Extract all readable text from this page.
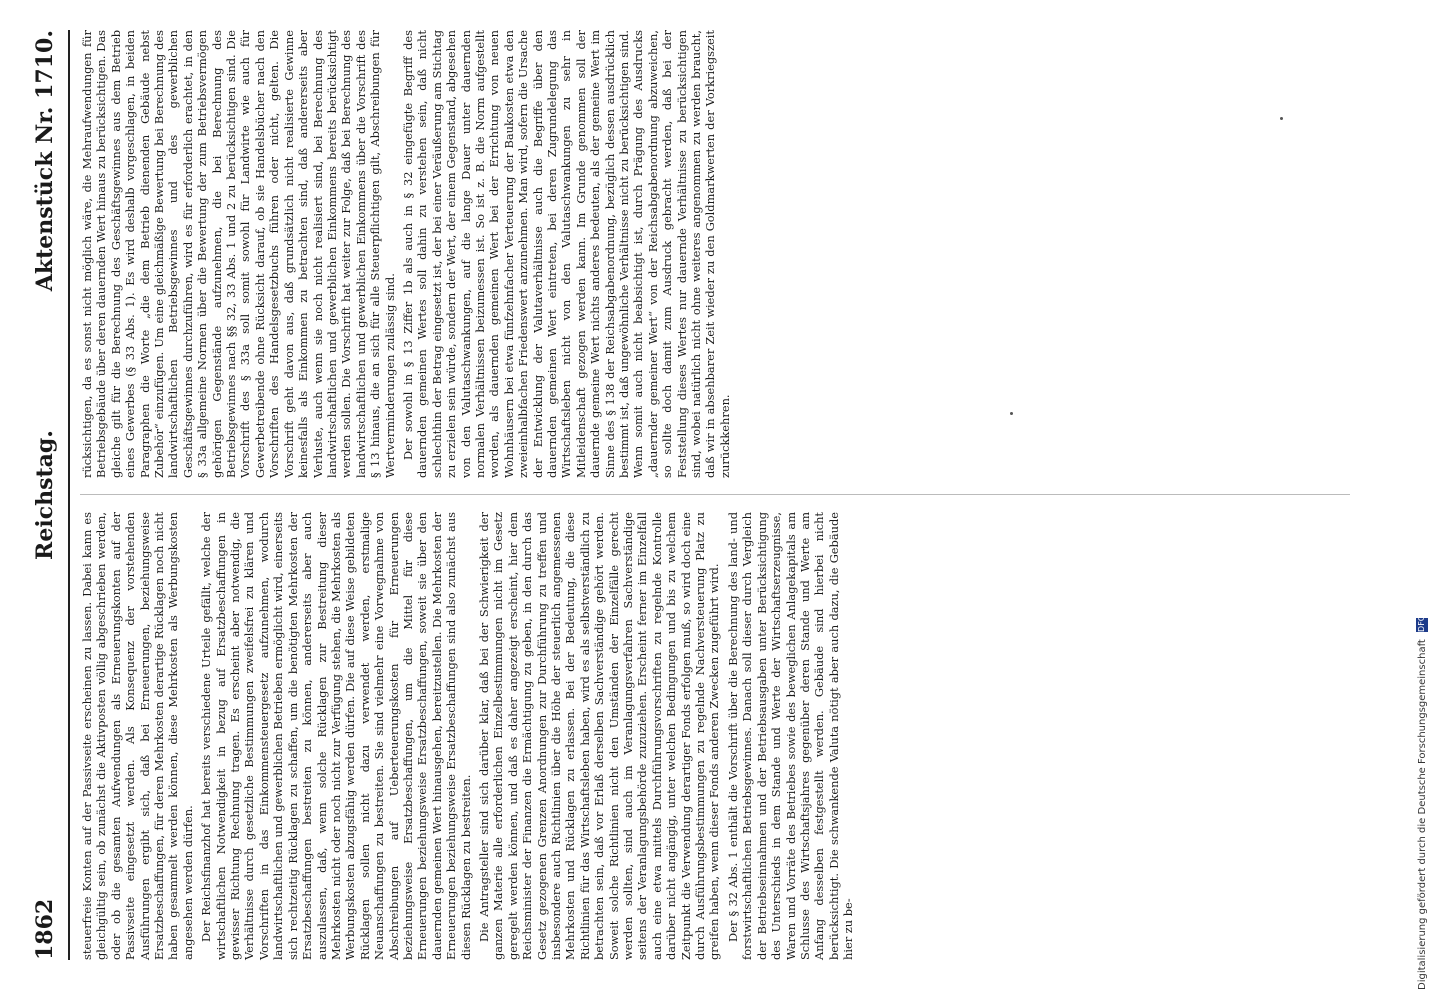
1862
Reichstag.
Aktenstück Nr. 1710.

steuerfreie Konten auf der Passivseite erscheinen zu lassen. Dabei kann es gleichgültig sein, ob zunächst die Aktivposten völlig abgeschrieben werden, oder ob die gesamten Aufwendungen als Erneuerungskonten auf der Passivseite eingesetzt werden. Als Konsequenz der vorstehenden Ausführungen ergibt sich, daß bei Erneuerungen, beziehungsweise Ersatzbeschaffungen, für deren Mehrkosten derartige Rücklagen noch nicht haben gesammelt werden können, diese Mehrkosten als Werbungskosten angesehen werden dürfen. Der Reichsfinanzhof hat bereits verschiedene Urteile gefällt, welche der wirtschaftlichen Notwendigkeit in bezug auf Ersatzbeschaffungen in gewisser Richtung Rechnung tragen. Es erscheint aber notwendig, die Verhältnisse durch gesetzliche Bestimmungen zweifelsfrei zu klären und Vorschriften in das Einkommensteuergesetz aufzunehmen, wodurch landwirtschaftlichen und gewerblichen Betrieben ermöglicht wird, einerseits sich rechtzeitig Rücklagen zu schaffen, um die benötigten Mehrkosten der Ersatzbeschaffungen bestreiten zu können, andererseits aber auch auszulassen, daß, wenn solche Rücklagen zur Bestreitung dieser Mehrkosten nicht oder noch nicht zur Verfügung stehen, die Mehrkosten als Werbungskosten abzugsfähig werden dürfen. Die auf diese Weise gebildeten Rücklagen sollen nicht dazu verwendet werden, erstmalige Neuanschaffungen zu bestreiten. Sie sind vielmehr eine Vorwegnahme von Abschreibungen auf Ueberteuerungskosten für Erneuerungen beziehungsweise Ersatzbeschaffungen, um die Mittel für diese Erneuerungen beziehungsweise Ersatzbeschaffungen, soweit sie über den dauernden gemeinen Wert hinausgehen, bereitzustellen. Die Mehrkosten der Erneuerungen beziehungsweise Ersatzbeschaffungen sind also zunächst aus diesen Rücklagen zu bestreiten. Die Antragsteller sind sich darüber klar, daß bei der Schwierigkeit der ganzen Materie alle erforderlichen Einzelbestimmungen nicht im Gesetz geregelt werden können, und daß es daher angezeigt erscheint, hier dem Reichsminister der Finanzen die Ermächtigung zu geben, in den durch das Gesetz gezogenen Grenzen Anordnungen zur Durchführung zu treffen und insbesondere auch Richtlinien über die Höhe der steuerlich angemessenen Mehrkosten und Rücklagen zu erlassen. Bei der Bedeutung, die diese Richtlinien für das Wirtschaftsleben haben, wird es als selbstverständlich zu betrachten sein, daß vor Erlaß derselben Sachverständige gehört werden. Soweit solche Richtlinien nicht den Umständen der Einzelfälle gerecht werden sollten, sind auch im Veranlagungsverfahren Sachverständige seitens der Veranlagungsbehörde zuzuziehen. Erscheint ferner im Einzelfall auch eine etwa mittels Durchführungsvorschriften zu regelnde Kontrolle darüber nicht angängig, unter welchen Bedingungen und bis zu welchem Zeitpunkt die Verwendung derartiger Fonds erfolgen muß, so wird doch eine durch Ausführungsbestimmungen zu regelnde Nachversteuerung Platz zu greifen haben, wenn dieser Fonds anderen Zwecken zugeführt wird. Der § 32 Abs. 1 enthält die Vorschrift über die Berechnung des land- und forstwirtschaftlichen Betriebsgewinnes. Danach soll dieser durch Vergleich der Betriebseinnahmen und der Betriebsausgaben unter Berücksichtigung des Unterschieds in dem Stande und Werte der Wirtschaftserzeugnisse, Waren und Vorräte des Betriebes sowie des beweglichen Anlagekapitals am Schlusse des Wirtschaftsjahres gegenüber deren Stande und Werte am Anfang desselben festgestellt werden. Gebäude sind hierbei nicht berücksichtigt. Die schwankende Valuta nötigt aber auch dazu, die Gebäude hier zu be-

rücksichtigen, da es sonst nicht möglich wäre, die Mehraufwendungen für Betriebsgebäude über deren dauernden Wert hinaus zu berücksichtigen. Das gleiche gilt für die Berechnung des Geschäftsgewinnes aus dem Betrieb eines Gewerbes (§ 33 Abs. 1). Es wird deshalb vorgeschlagen, in beiden Paragraphen die Worte „die dem Betrieb dienenden Gebäude nebst Zubehör“ einzufügen. Um eine gleichmäßige Bewertung bei Berechnung des landwirtschaftlichen Betriebsgewinnes und des gewerblichen Geschäftsgewinnes durchzuführen, wird es für erforderlich erachtet, in den § 33a allgemeine Normen über die Bewertung der zum Betriebsvermögen gehörigen Gegenstände aufzunehmen, die bei Berechnung des Betriebsgewinnes nach §§ 32, 33 Abs. 1 und 2 zu berücksichtigen sind. Die Vorschrift des § 33a soll somit sowohl für Landwirte wie auch für Gewerbetreibende ohne Rücksicht darauf, ob sie Handelsbücher nach den Vorschriften des Handelsgesetzbuchs führen oder nicht, gelten. Die Vorschrift geht davon aus, daß grundsätzlich nicht realisierte Gewinne keinesfalls als Einkommen zu betrachten sind, daß andererseits aber Verluste, auch wenn sie noch nicht realisiert sind, bei Berechnung des landwirtschaftlichen und gewerblichen Einkommens bereits berücksichtigt werden sollen. Die Vorschrift hat weiter zur Folge, daß bei Berechnung des landwirtschaftlichen und gewerblichen Einkommens über die Vorschrift des § 13 hinaus, die an sich für alle Steuerpflichtigen gilt, Abschreibungen für Wertverminderungen zulässig sind. Der sowohl in § 13 Ziffer 1b als auch in § 32 eingefügte Begriff des dauernden gemeinen Wertes soll dahin zu verstehen sein, daß nicht schlechthin der Betrag eingesetzt ist, der bei einer Veräußerung am Stichtag zu erzielen sein würde, sondern der Wert, der einem Gegenstand, abgesehen von den Valutaschwankungen, auf die lange Dauer unter dauernden normalen Verhältnissen beizumessen ist. So ist z. B. die Norm aufgestellt worden, als dauernden gemeinen Wert bei der Errichtung von neuen Wohnhäusern bei etwa fünfzehnfacher Verteuerung der Baukosten etwa den zweieinhalbfachen Friedenswert anzunehmen. Man wird, sofern die Ursache der Entwicklung der Valutaverhältnisse auch die Begriffe über den dauernden gemeinen Wert eintreten, bei deren Zugrundelegung das Wirtschaftsleben nicht von den Valutaschwankungen zu sehr in Mitleidenschaft gezogen werden kann. Im Grunde genommen soll der dauernde gemeine Wert nichts anderes bedeuten, als der gemeine Wert im Sinne des § 138 der Reichsabgabenordnung, bezüglich dessen ausdrücklich bestimmt ist, daß ungewöhnliche Verhältnisse nicht zu berücksichtigen sind. Wenn somit auch nicht beabsichtigt ist, durch Prägung des Ausdrucks „dauernder gemeiner Wert“ von der Reichsabgabenordnung abzuweichen, so sollte doch damit zum Ausdruck gebracht werden, daß bei der Feststellung dieses Wertes nur dauernde Verhältnisse zu berücksichtigen sind, wobei natürlich nicht ohne weiteres angenommen zu werden braucht, daß wir in absehbarer Zeit wieder zu den Goldmarkwerten der Vorkriegszeit zurückkehren.

Digitalisierung gefördert durch die Deutsche Forschungsgemeinschaft DFG
